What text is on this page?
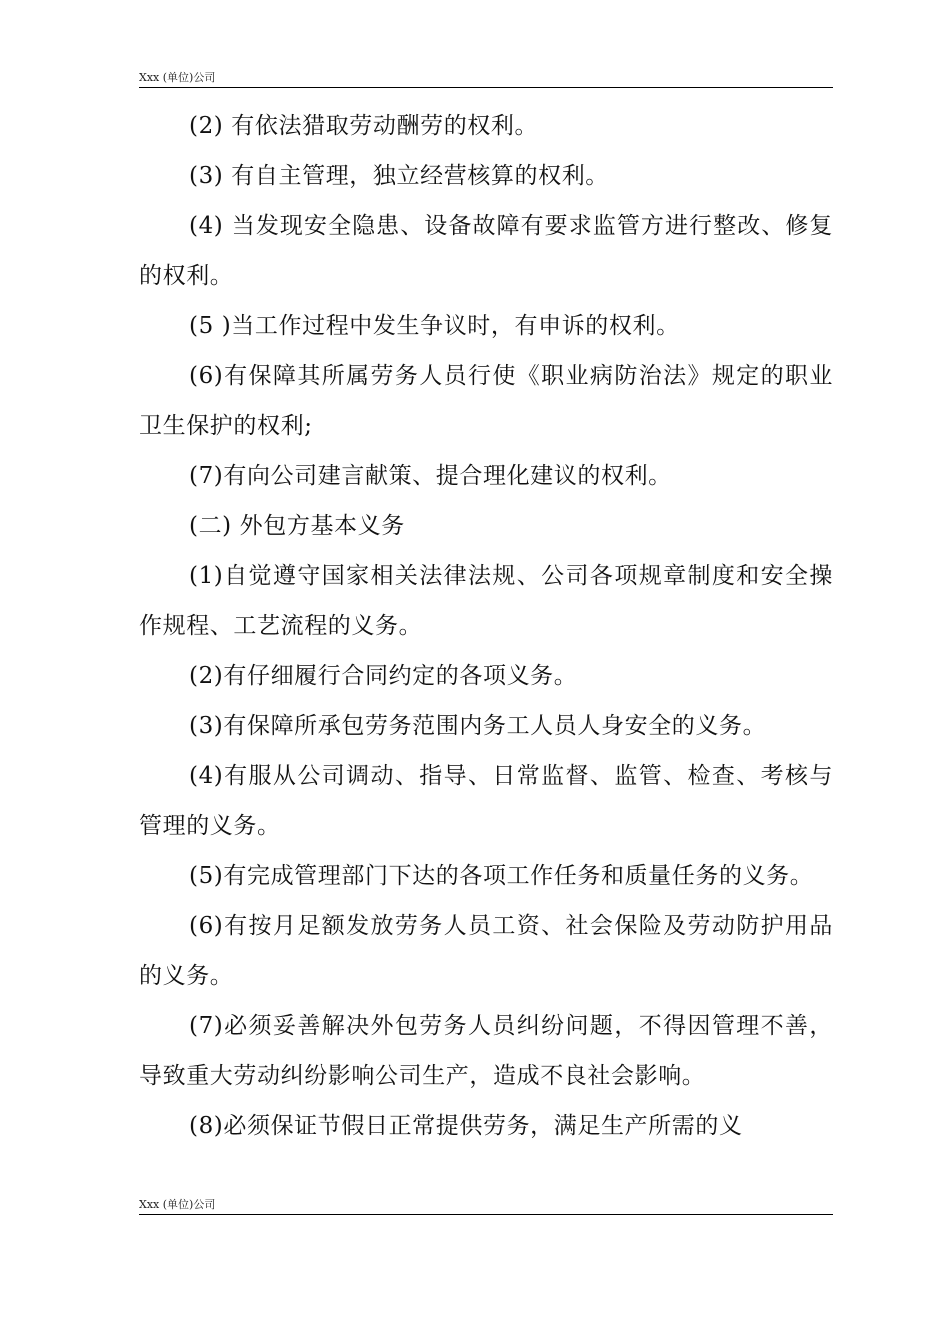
Xxx (单位)公司

(2) 有依法猎取劳动酬劳的权利。

(3) 有自主管理，独立经营核算的权利。

(4) 当发现安全隐患、设备故障有要求监管方进行整改、修复的权利。

(5 )当工作过程中发生争议时，有申诉的权利。

(6)有保障其所属劳务人员行使《职业病防治法》规定的职业卫生保护的权利;

(7)有向公司建言献策、提合理化建议的权利。

(二) 外包方基本义务

(1)自觉遵守国家相关法律法规、公司各项规章制度和安全操作规程、工艺流程的义务。

(2)有仔细履行合同约定的各项义务。

(3)有保障所承包劳务范围内务工人员人身安全的义务。

(4)有服从公司调动、指导、日常监督、监管、检查、考核与管理的义务。

(5)有完成管理部门下达的各项工作任务和质量任务的义务。

(6)有按月足额发放劳务人员工资、社会保险及劳动防护用品的义务。

(7)必须妥善解决外包劳务人员纠纷问题，不得因管理不善，导致重大劳动纠纷影响公司生产，造成不良社会影响。

(8)必须保证节假日正常提供劳务，满足生产所需的义

Xxx (单位)公司
